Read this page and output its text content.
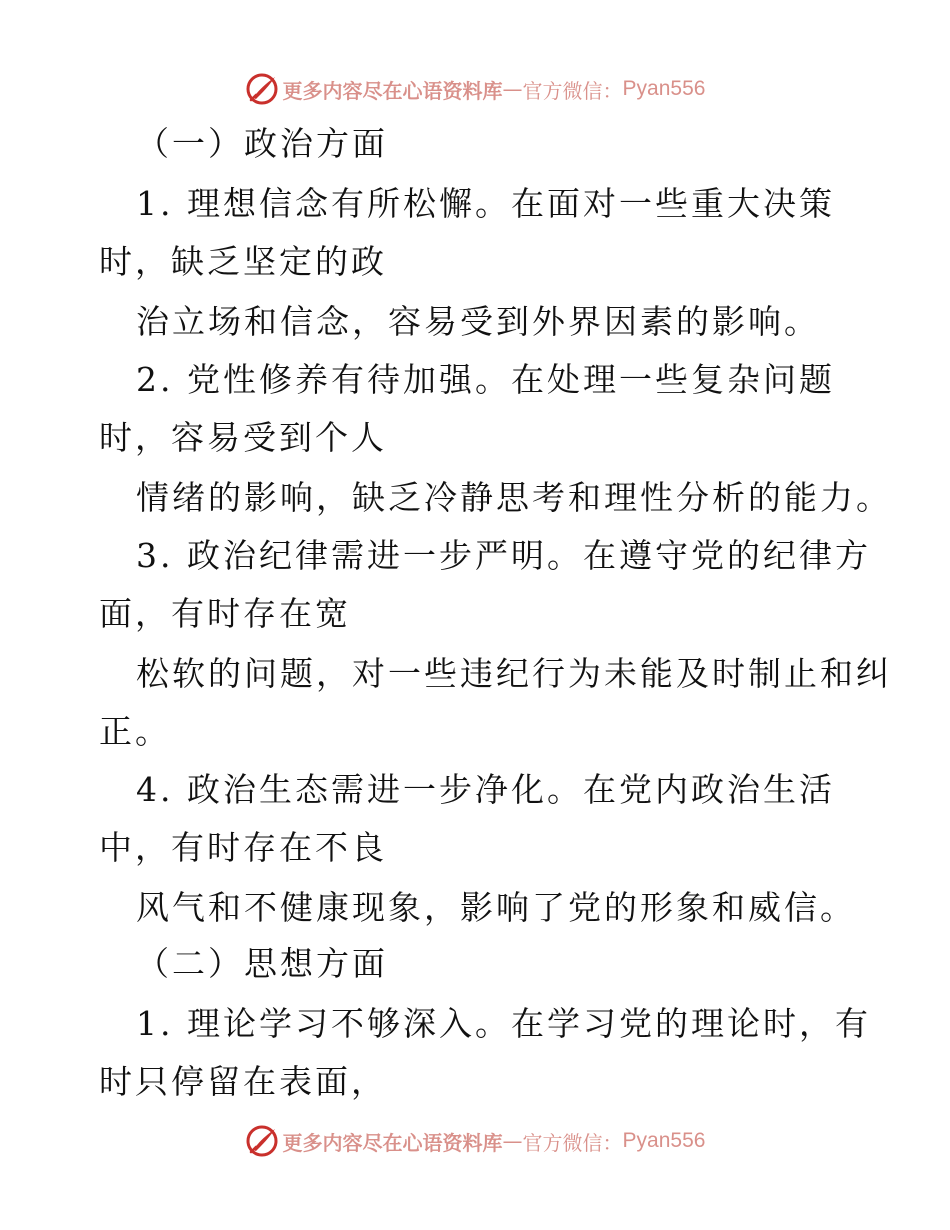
更多内容尽在心语资料库 — 官方微信： Pyan556
（一）政治方面
1. 理想信念有所松懈。在面对一些重大决策
时，缺乏坚定的政
治立场和信念，容易受到外界因素的影响。
2. 党性修养有待加强。在处理一些复杂问题
时，容易受到个人
情绪的影响，缺乏冷静思考和理性分析的能力。
3. 政治纪律需进一步严明。在遵守党的纪律方
面，有时存在宽
松软的问题，对一些违纪行为未能及时制止和纠
正。
4. 政治生态需进一步净化。在党内政治生活
中，有时存在不良
风气和不健康现象，影响了党的形象和威信。
（二）思想方面
1. 理论学习不够深入。在学习党的理论时，有
时只停留在表面，
更多内容尽在心语资料库 — 官方微信： Pyan556
